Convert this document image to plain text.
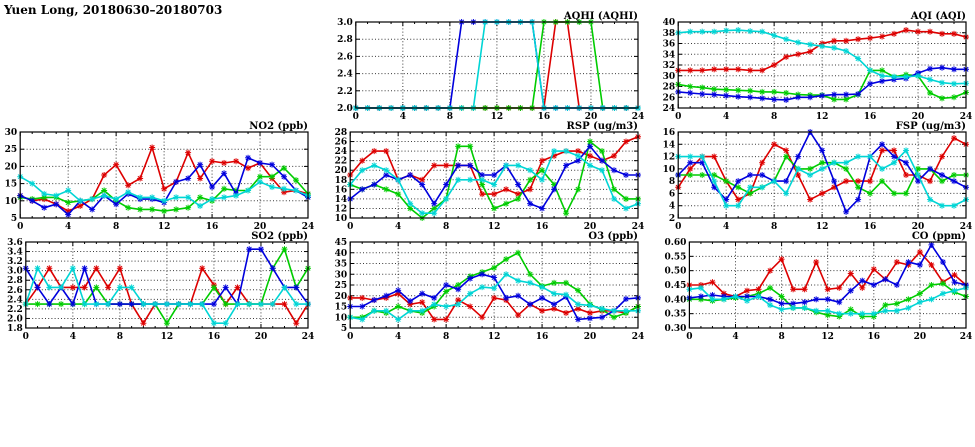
Yuen Long, 20180630–20180703
2.0
2.2
2.4
2.6
2.8
3.0
0	4	8	12	16	20	24
AQHI (AQHI)
24
26
28
30
32
34
36
38
40
0	4	8	12	16	20	24
AQI (AQI)
5
10
15
20
25
30
0	4	8	12	16	20	24
NO2 (ppb)
10
12
14
16
18
20
22
24
26
28
0	4	8	12	16	20	24
RSP (ug/m3)
2
4
6
8
10
12
14
16
0	4	8	12	16	20	24
FSP (ug/m3)
1.8
2.0
2.2
2.4
2.6
2.8
3.0
3.2
3.4
3.6
0	4	8	12	16	20	24
SO2 (ppb)
5
10
15
20
25
30
35
40
45
0	4	8	12	16	20	24
O3 (ppb)
0.30
0.35
0.40
0.45
0.50
0.55
0.60
0	4	8	12	16	20	24
CO (ppm)
